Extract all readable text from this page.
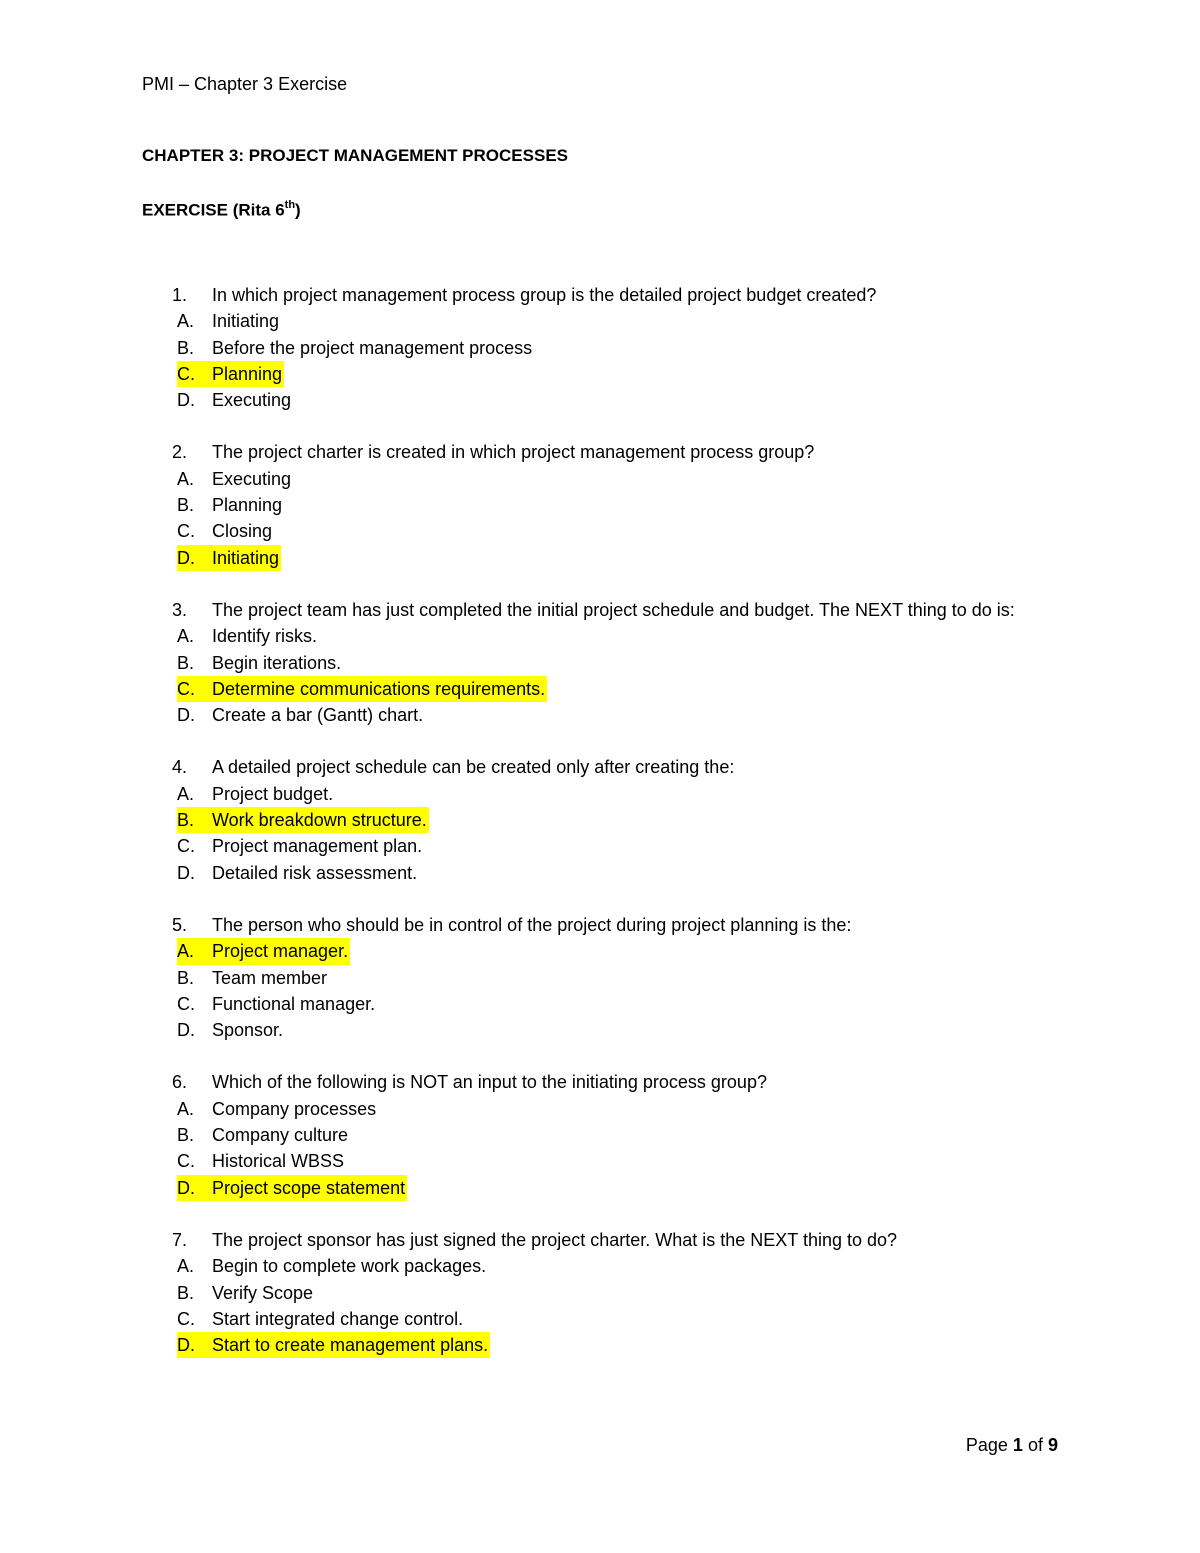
PMI – Chapter 3 Exercise
CHAPTER 3: PROJECT MANAGEMENT PROCESSES
EXERCISE (Rita 6th)
1. In which project management process group is the detailed project budget created?
A. Initiating
B. Before the project management process
C. Planning
D. Executing
2. The project charter is created in which project management process group?
A. Executing
B. Planning
C. Closing
D. Initiating
3. The project team has just completed the initial project schedule and budget. The NEXT thing to do is:
A. Identify risks.
B. Begin iterations.
C. Determine communications requirements.
D. Create a bar (Gantt) chart.
4. A detailed project schedule can be created only after creating the:
A. Project budget.
B. Work breakdown structure.
C. Project management plan.
D. Detailed risk assessment.
5. The person who should be in control of the project during project planning is the:
A. Project manager.
B. Team member
C. Functional manager.
D. Sponsor.
6. Which of the following is NOT an input to the initiating process group?
A. Company processes
B. Company culture
C. Historical WBSS
D. Project scope statement
7. The project sponsor has just signed the project charter. What is the NEXT thing to do?
A. Begin to complete work packages.
B. Verify Scope
C. Start integrated change control.
D. Start to create management plans.
Page 1 of 9
